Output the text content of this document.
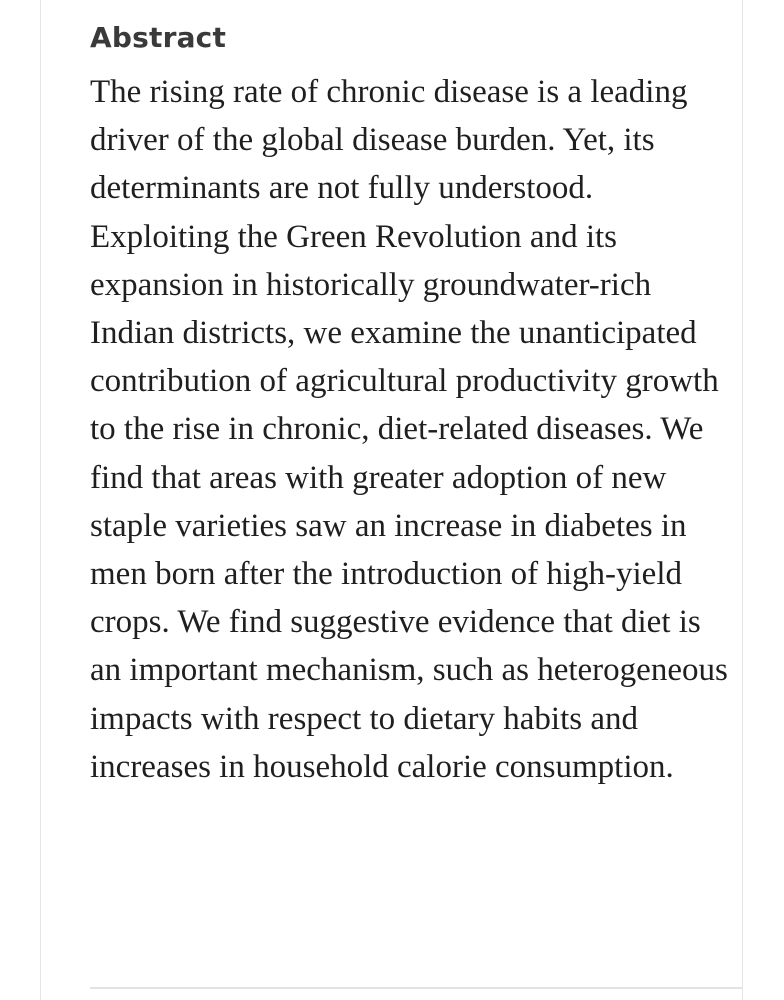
Abstract

The rising rate of chronic disease is a leading driver of the global disease burden. Yet, its determinants are not fully understood. Exploiting the Green Revolution and its expansion in historically groundwater-rich Indian districts, we examine the unanticipated contribution of agricultural productivity growth to the rise in chronic, diet-related diseases. We find that areas with greater adoption of new staple varieties saw an increase in diabetes in men born after the introduction of high-yield crops. We find suggestive evidence that diet is an important mechanism, such as heterogeneous impacts with respect to dietary habits and increases in household calorie consumption.
